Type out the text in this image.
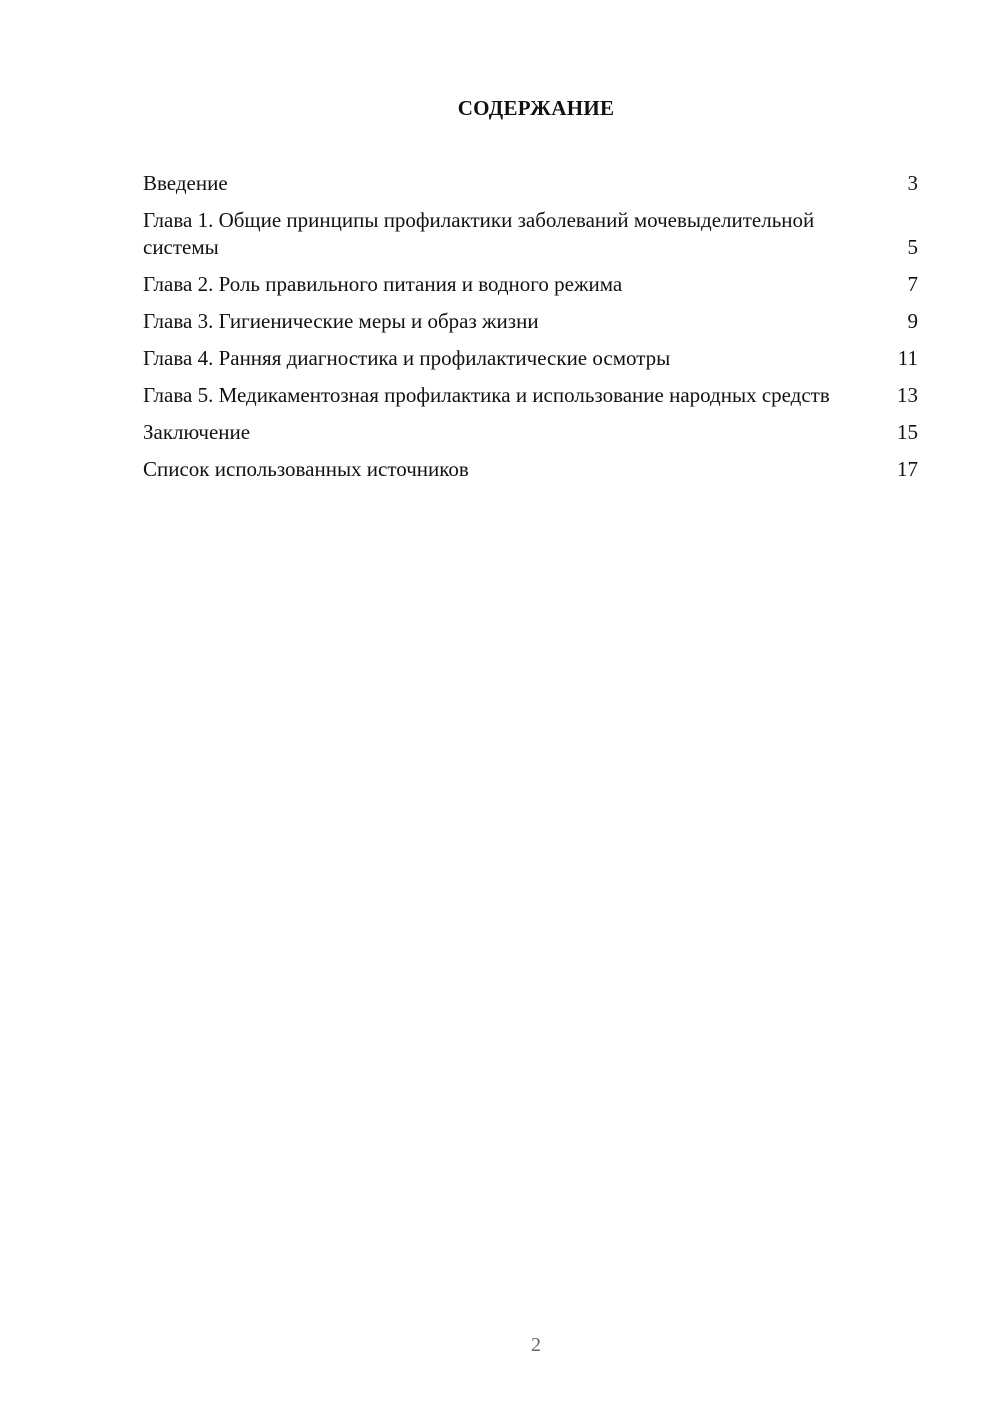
СОДЕРЖАНИЕ
Введение	3
Глава 1. Общие принципы профилактики заболеваний мочевыделительной системы	5
Глава 2. Роль правильного питания и водного режима	7
Глава 3. Гигиенические меры и образ жизни	9
Глава 4. Ранняя диагностика и профилактические осмотры	11
Глава 5. Медикаментозная профилактика и использование народных средств	13
Заключение	15
Список использованных источников	17
2
